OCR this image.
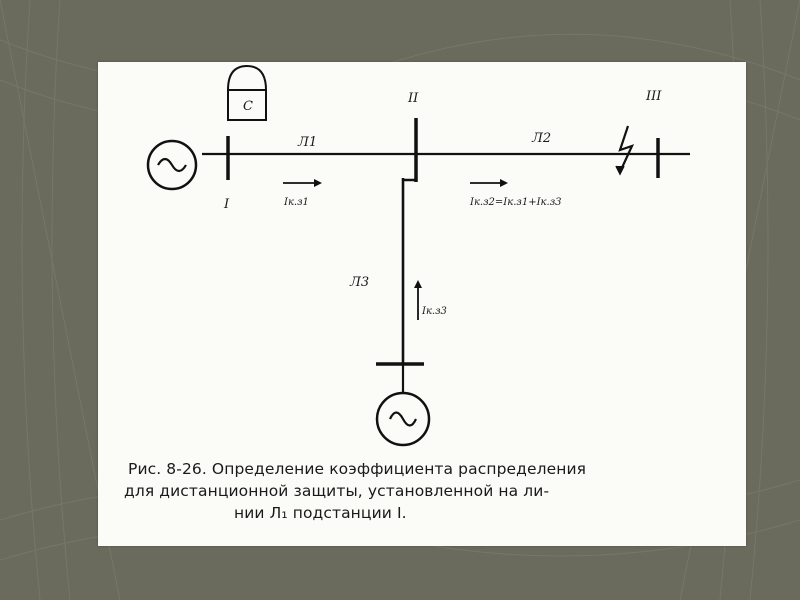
C
I
II	III
Л1	Л2
Л3
Iк.з1	Iк.з2=Iк.з1+Iк.з3
Iк.з3
Рис. 8-26. Определение коэффициента распределения
для дистанционной защиты, установленной на ли-
нии Л₁ подстанции I.
